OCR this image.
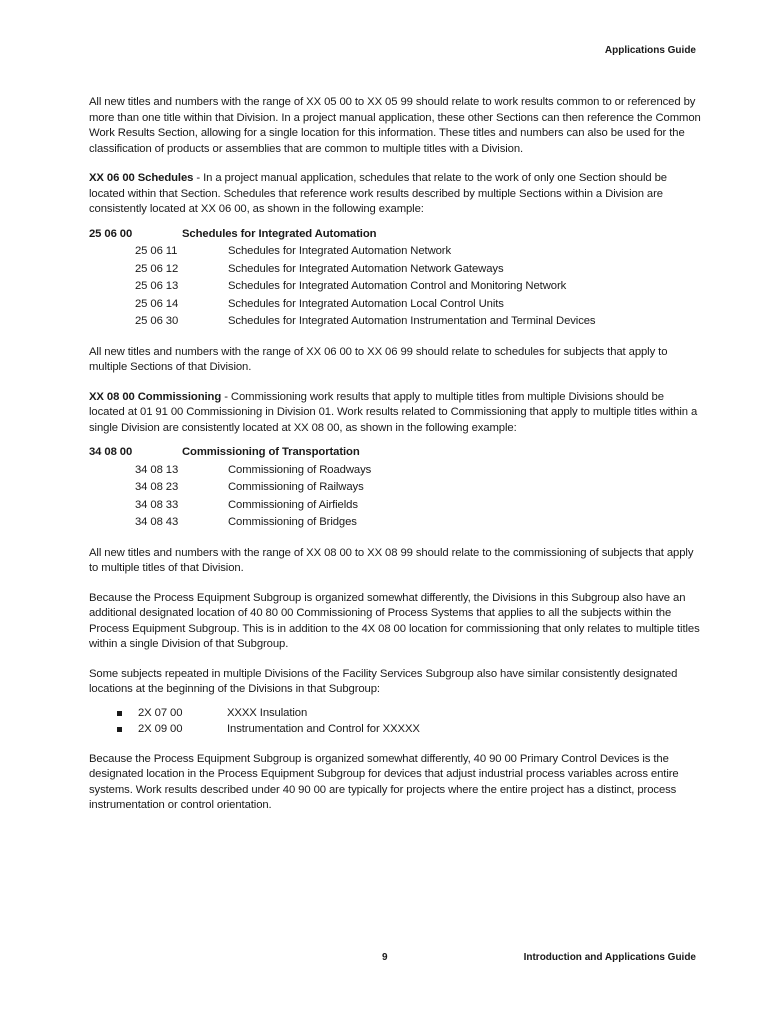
Applications Guide

All new titles and numbers with the range of XX 05 00 to XX 05 99 should relate to work results common to or referenced by more than one title within that Division. In a project manual application, these other Sections can then reference the Common Work Results Section, allowing for a single location for this information. These titles and numbers can also be used for the classification of products or assemblies that are common to multiple titles with a Division.

XX 06 00 Schedules - In a project manual application, schedules that relate to the work of only one Section should be located within that Section. Schedules that reference work results described by multiple Sections within a Division are consistently located at XX 06 00, as shown in the following example:

25 06 00	Schedules for Integrated Automation
25 06 11	Schedules for Integrated Automation Network
25 06 12	Schedules for Integrated Automation Network Gateways
25 06 13	Schedules for Integrated Automation Control and Monitoring Network
25 06 14	Schedules for Integrated Automation Local Control Units
25 06 30	Schedules for Integrated Automation Instrumentation and Terminal Devices

All new titles and numbers with the range of XX 06 00 to XX 06 99 should relate to schedules for subjects that apply to multiple Sections of that Division.

XX 08 00 Commissioning - Commissioning work results that apply to multiple titles from multiple Divisions should be located at 01 91 00 Commissioning in Division 01. Work results related to Commissioning that apply to multiple titles within a single Division are consistently located at XX 08 00, as shown in the following example:

34 08 00	Commissioning of Transportation
34 08 13	Commissioning of Roadways
34 08 23	Commissioning of Railways
34 08 33	Commissioning of Airfields
34 08 43	Commissioning of Bridges

All new titles and numbers with the range of XX 08 00 to XX 08 99 should relate to the commissioning of subjects that apply to multiple titles of that Division.

Because the Process Equipment Subgroup is organized somewhat differently, the Divisions in this Subgroup also have an additional designated location of 40 80 00 Commissioning of Process Systems that applies to all the subjects within the Process Equipment Subgroup. This is in addition to the 4X 08 00 location for commissioning that only relates to multiple titles within a single Division of that Subgroup.

Some subjects repeated in multiple Divisions of the Facility Services Subgroup also have similar consistently designated locations at the beginning of the Divisions in that Subgroup:

2X 07 00	XXXX Insulation
2X 09 00	Instrumentation and Control for XXXXX

Because the Process Equipment Subgroup is organized somewhat differently, 40 90 00 Primary Control Devices is the designated location in the Process Equipment Subgroup for devices that adjust industrial process variables across entire systems. Work results described under 40 90 00 are typically for projects where the entire project has a distinct, process instrumentation or control orientation.

9	Introduction and Applications Guide
